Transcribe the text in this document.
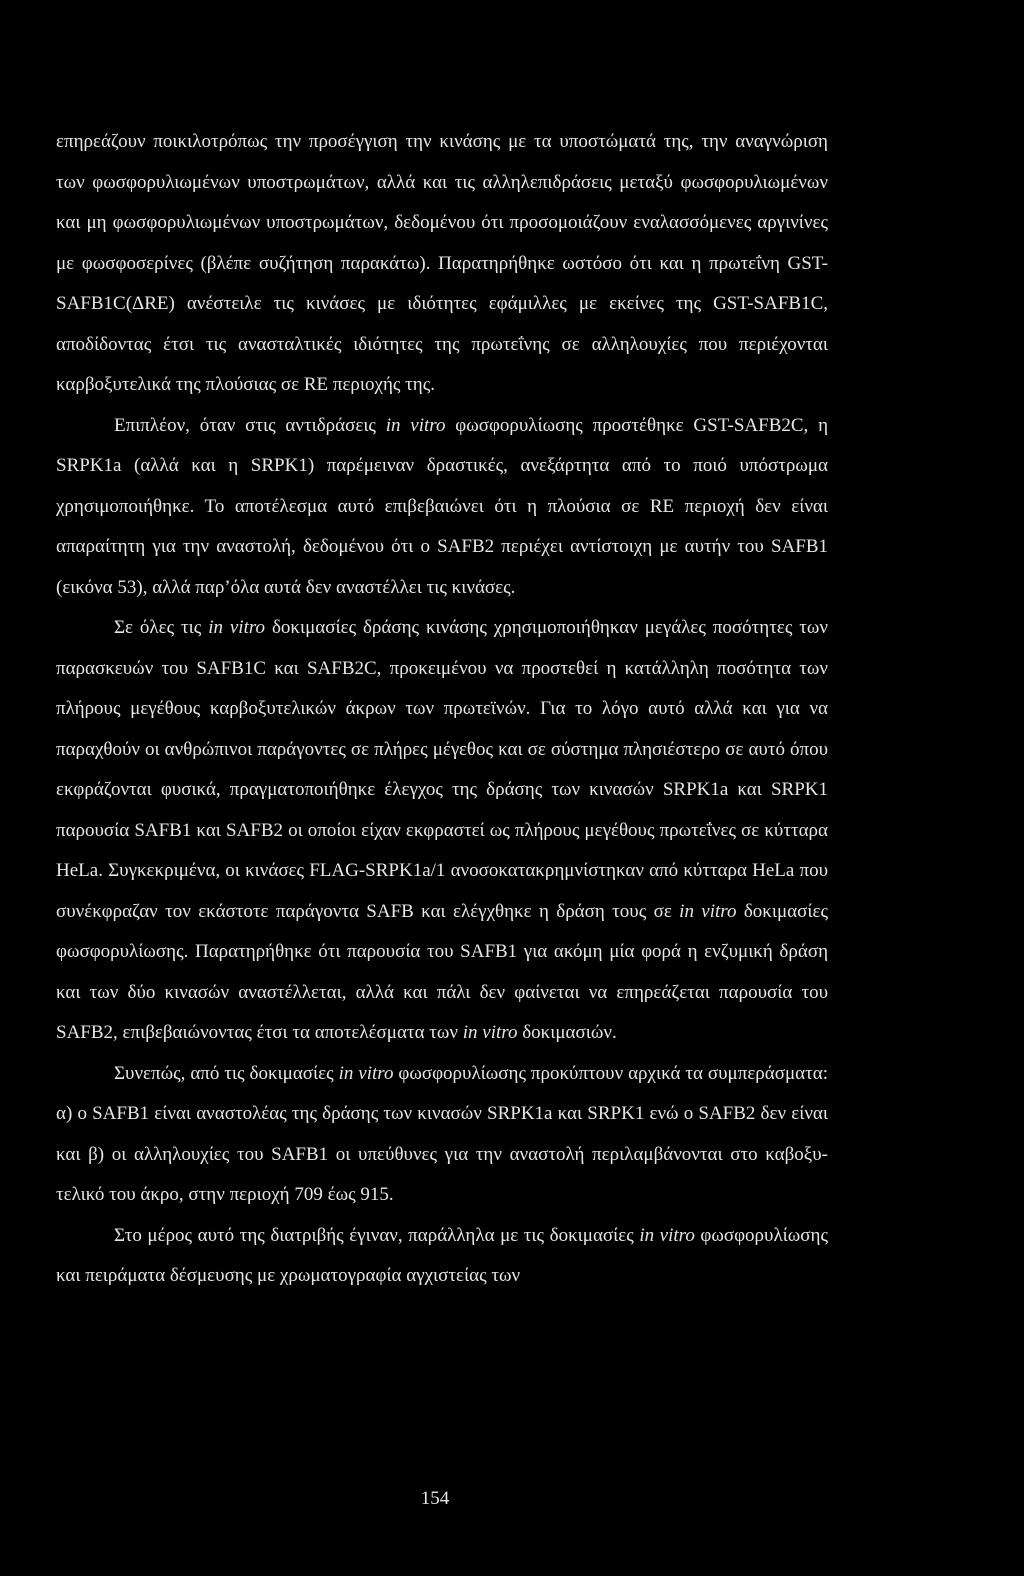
επηρεάζουν ποικιλοτρόπως την προσέγγιση την κινάσης με τα υποστώματά της, την αναγνώριση των φωσφορυλιωμένων υποστρωμάτων, αλλά και τις αλληλεπιδράσεις μεταξύ φωσφορυλιωμένων και μη φωσφορυλιωμένων υποστρωμάτων, δεδομένου ότι προσομοιάζουν εναλασσόμενες αργινίνες με φωσφοσερίνες (βλέπε συζήτηση παρακάτω). Παρατηρήθηκε ωστόσο ότι και η πρωτεΐνη GST-SAFB1C(ΔRE) ανέστειλε τις κινάσες με ιδιότητες εφάμιλλες με εκείνες της GST-SAFB1C, αποδίδοντας έτσι τις ανασταλτικές ιδιότητες της πρωτεΐνης σε αλληλουχίες που περιέχονται καρβοξυτελικά της πλούσιας σε RE περιοχής της.

Επιπλέον, όταν στις αντιδράσεις in vitro φωσφορυλίωσης προστέθηκε GST-SAFB2C, η SRPK1a (αλλά και η SRPK1) παρέμειναν δραστικές, ανεξάρτητα από το ποιό υπόστρωμα χρησιμοποιήθηκε. Το αποτέλεσμα αυτό επιβεβαιώνει ότι η πλούσια σε RE περιοχή δεν είναι απαραίτητη για την αναστολή, δεδομένου ότι ο SAFB2 περιέχει αντίστοιχη με αυτήν του SAFB1 (εικόνα 53), αλλά παρ’όλα αυτά δεν αναστέλλει τις κινάσες.

Σε όλες τις in vitro δοκιμασίες δράσης κινάσης χρησιμοποιήθηκαν μεγάλες ποσότητες των παρασκευών του SAFB1C και SAFB2C, προκειμένου να προστεθεί η κατάλληλη ποσότητα των πλήρους μεγέθους καρβοξυτελικών άκρων των πρωτεϊνών. Για το λόγο αυτό αλλά και για να παραχθούν οι ανθρώπινοι παράγοντες σε πλήρες μέγεθος και σε σύστημα πλησιέστερο σε αυτό όπου εκφράζονται φυσικά, πραγματοποιήθηκε έλεγχος της δράσης των κινασών SRPK1a και SRPK1 παρουσία SAFB1 και SAFB2 οι οποίοι είχαν εκφραστεί ως πλήρους μεγέθους πρωτεΐνες σε κύτταρα HeLa. Συγκεκριμένα, οι κινάσες FLAG-SRPK1a/1 ανοσοκατακρημνίστηκαν από κύτταρα HeLa που συνέκφραζαν τον εκάστοτε παράγοντα SAFB και ελέγχθηκε η δράση τους σε in vitro δοκιμασίες φωσφορυλίωσης. Παρατηρήθηκε ότι παρουσία του SAFB1 για ακόμη μία φορά η ενζυμική δράση και των δύο κινασών αναστέλλεται, αλλά και πάλι δεν φαίνεται να επηρεάζεται παρουσία του SAFB2, επιβεβαιώνοντας έτσι τα αποτελέσματα των in vitro δοκιμασιών.

Συνεπώς, από τις δοκιμασίες in vitro φωσφορυλίωσης προκύπτουν αρχικά τα συμπεράσματα: α) ο SAFB1 είναι αναστολέας της δράσης των κινασών SRPK1a και SRPK1 ενώ ο SAFB2 δεν είναι και β) οι αλληλουχίες του SAFB1 οι υπεύθυνες για την αναστολή περιλαμβάνονται στο καβοξυ-τελικό του άκρο, στην περιοχή 709 έως 915.

Στο μέρος αυτό της διατριβής έγιναν, παράλληλα με τις δοκιμασίες in vitro φωσφορυλίωσης και πειράματα δέσμευσης με χρωματογραφία αγχιστείας των

154
